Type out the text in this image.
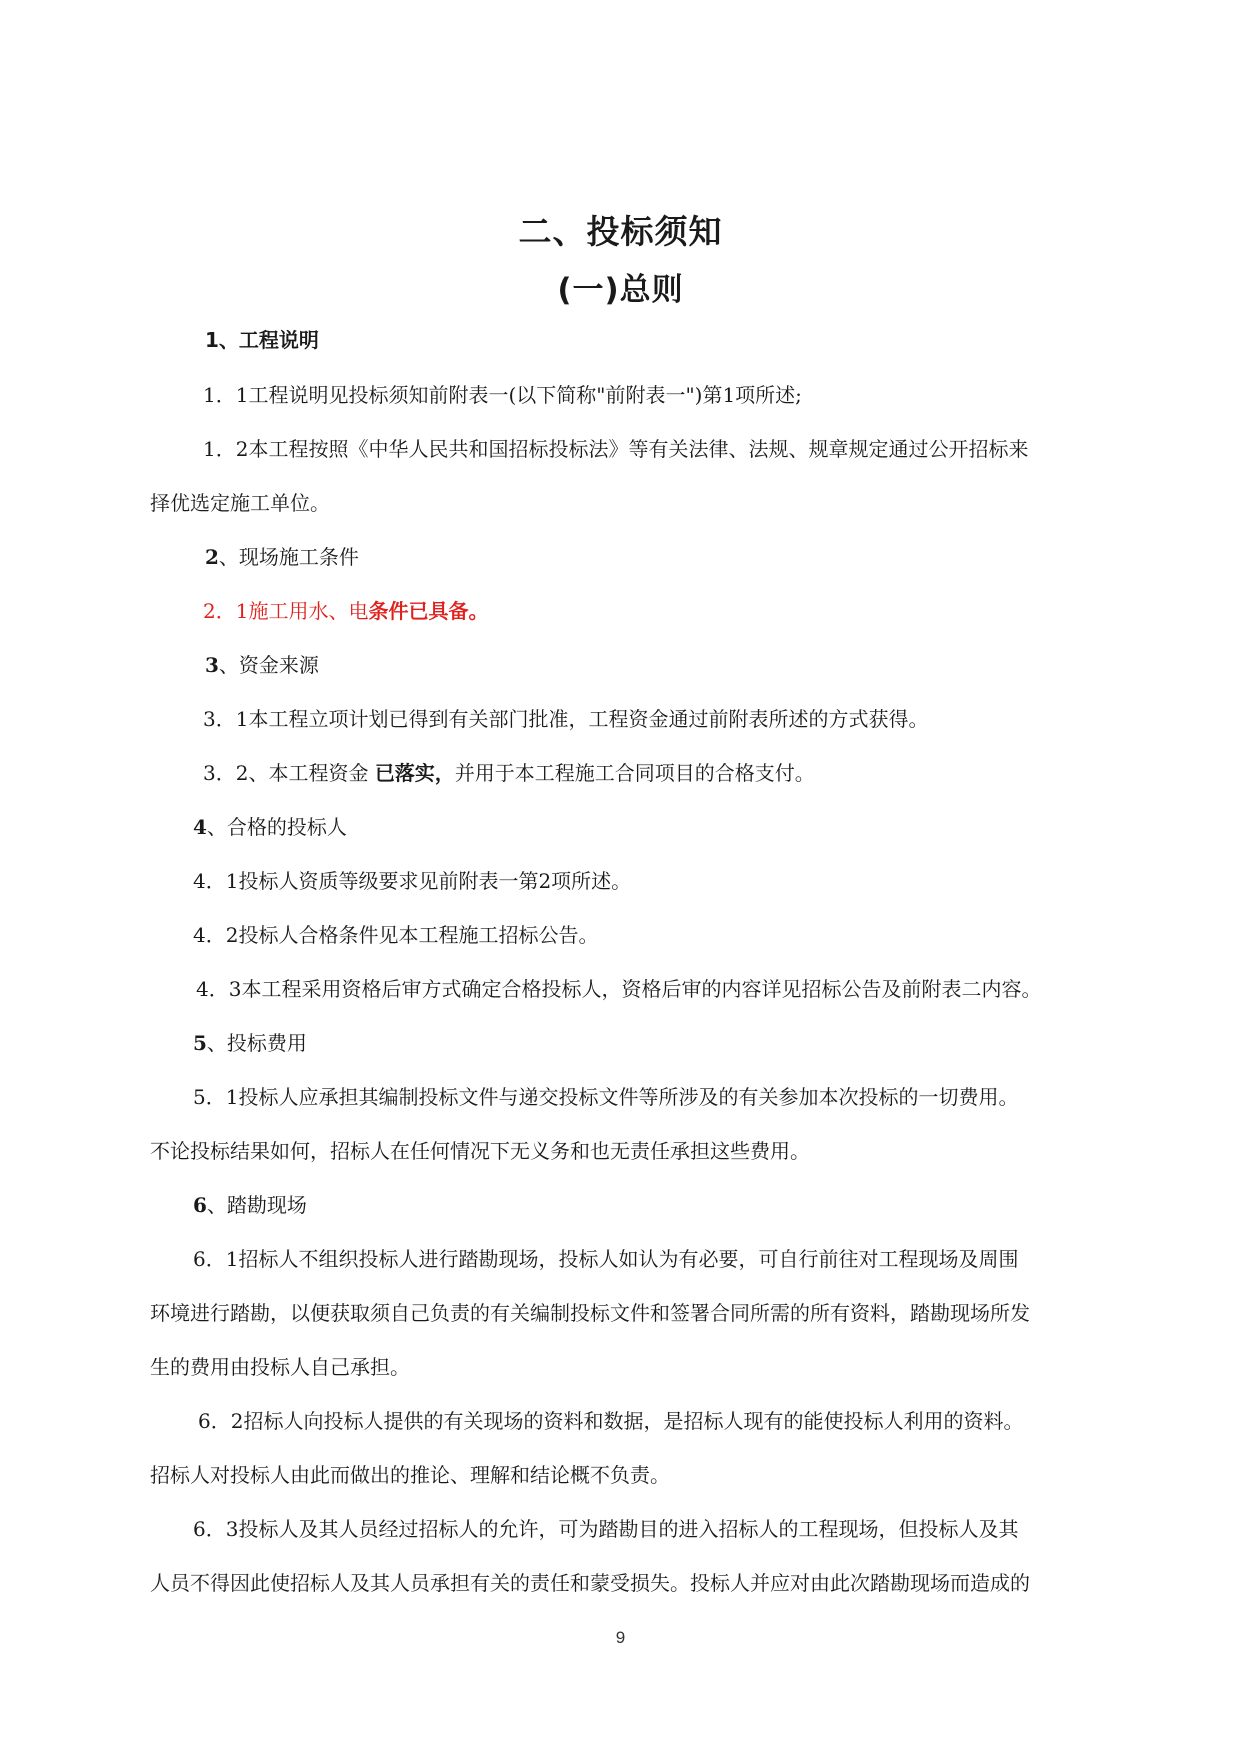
二、投标须知
(一)总则

1、工程说明

1．1工程说明见投标须知前附表一(以下简称"前附表一")第1项所述;

1．2本工程按照《中华人民共和国招标投标法》等有关法律、法规、规章规定通过公开招标来

择优选定施工单位。

2、现场施工条件

2．1施工用水、电条件已具备。

3、资金来源

3．1本工程立项计划已得到有关部门批准，工程资金通过前附表所述的方式获得。

3．2、本工程资金 已落实，并用于本工程施工合同项目的合格支付。

4、合格的投标人

4．1投标人资质等级要求见前附表一第2项所述。

4．2投标人合格条件见本工程施工招标公告。

4．3本工程采用资格后审方式确定合格投标人，资格后审的内容详见招标公告及前附表二内容。

5、投标费用

5．1投标人应承担其编制投标文件与递交投标文件等所涉及的有关参加本次投标的一切费用。

不论投标结果如何，招标人在任何情况下无义务和也无责任承担这些费用。

6、踏勘现场

6．1招标人不组织投标人进行踏勘现场，投标人如认为有必要，可自行前往对工程现场及周围

环境进行踏勘，以便获取须自己负责的有关编制投标文件和签署合同所需的所有资料，踏勘现场所发

生的费用由投标人自己承担。

6．2招标人向投标人提供的有关现场的资料和数据，是招标人现有的能使投标人利用的资料。

招标人对投标人由此而做出的推论、理解和结论概不负责。

6．3投标人及其人员经过招标人的允许，可为踏勘目的进入招标人的工程现场，但投标人及其

人员不得因此使招标人及其人员承担有关的责任和蒙受损失。投标人并应对由此次踏勘现场而造成的

9
